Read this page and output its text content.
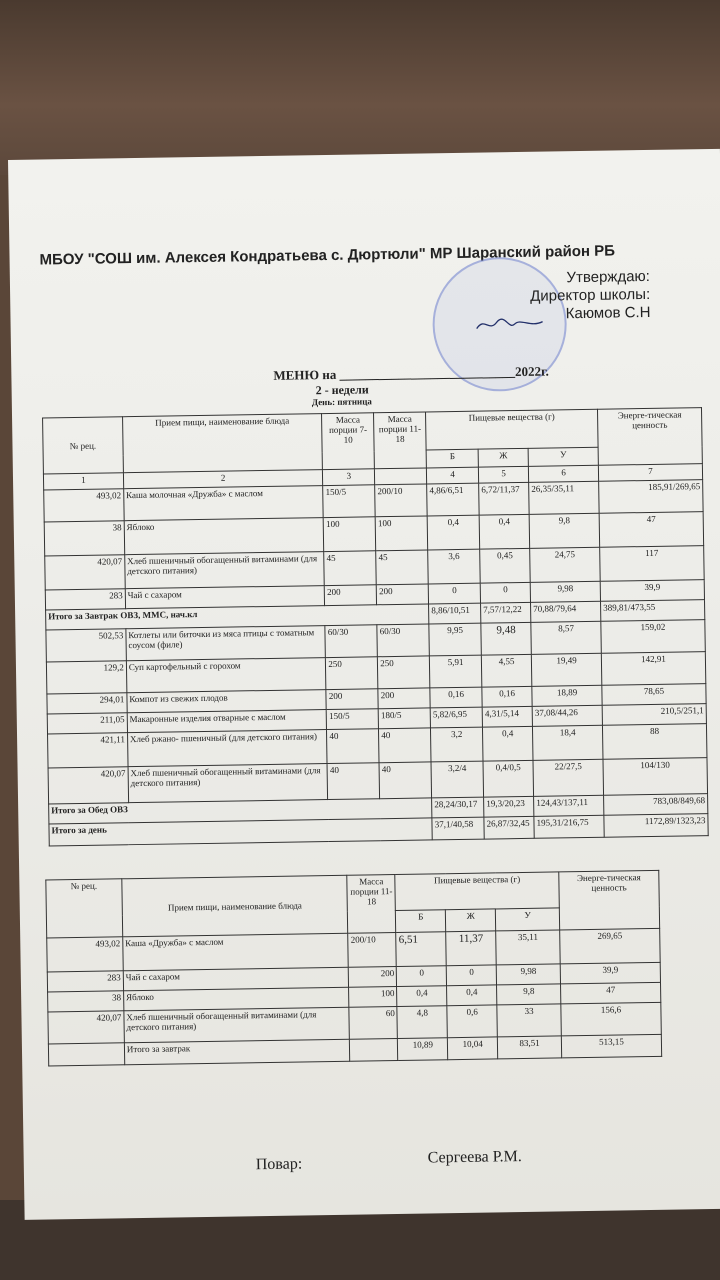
МБОУ "СОШ им. Алексея Кондратьева с. Дюртюли" МР Шаранский район РБ
Утверждаю:
Директор школы:
Каюмов С.Н
МЕНЮ на ___________________________2022г.
2 - недели
День: пятница
№ рец.	Прием пищи, наименование блюда	Масса порции 7-10	Масса порции 11-18	Пищевые вещества (г)			Энерге-тическая ценность
				Б	Ж	У	
1	2	3		4	5	6	7
493,02	Каша молочная «Дружба» с маслом	150/5	200/10	4,86/6,51	6,72/11,37	26,35/35,11	185,91/269,65
38	Яблоко	100	100	0,4	0,4	9,8	47
420,07	Хлеб пшеничный обогащенный витаминами (для детского питания)	45	45	3,6	0,45	24,75	117
283	Чай с сахаром	200	200	0	0	9,98	39,9
Итого за Завтрак ОВЗ, ММС, нач.кл				8,86/10,51	7,57/12,22	70,88/79,64	389,81/473,55
502,53	Котлеты или биточки из мяса птицы с томатным соусом (филе)	60/30	60/30	9,95	9,48	8,57	159,02
129,2	Суп картофельный с горохом	250	250	5,91	4,55	19,49	142,91
294,01	Компот из свежих плодов	200	200	0,16	0,16	18,89	78,65
211,05	Макаронные изделия отварные с маслом	150/5	180/5	5,82/6,95	4,31/5,14	37,08/44,26	210,5/251,1
421,11	Хлеб ржано- пшеничный (для детского питания)	40	40	3,2	0,4	18,4	88
420,07	Хлеб пшеничный обогащенный витаминами (для детского питания)	40	40	3,2/4	0,4/0,5	22/27,5	104/130
Итого за Обед ОВЗ				28,24/30,17	19,3/20,23	124,43/137,11	783,08/849,68
Итого за день				37,1/40,58	26,87/32,45	195,31/216,75	1172,89/1323,23
№ рец.	Прием пищи, наименование блюда	Масса порции 11-18	Пищевые вещества (г)			Энерге-тическая ценность
			Б	Ж	У	
493,02	Каша «Дружба» с маслом	200/10	6,51	11,37	35,11	269,65
283	Чай с сахаром	200	0	0	9,98	39,9
38	Яблоко	100	0,4	0,4	9,8	47
420,07	Хлеб пшеничный обогащенный витаминами (для детского питания)	60	4,8	0,6	33	156,6
	Итого за завтрак		10,89	10,04	83,51	513,15
Повар:	Сергеева Р.М.
